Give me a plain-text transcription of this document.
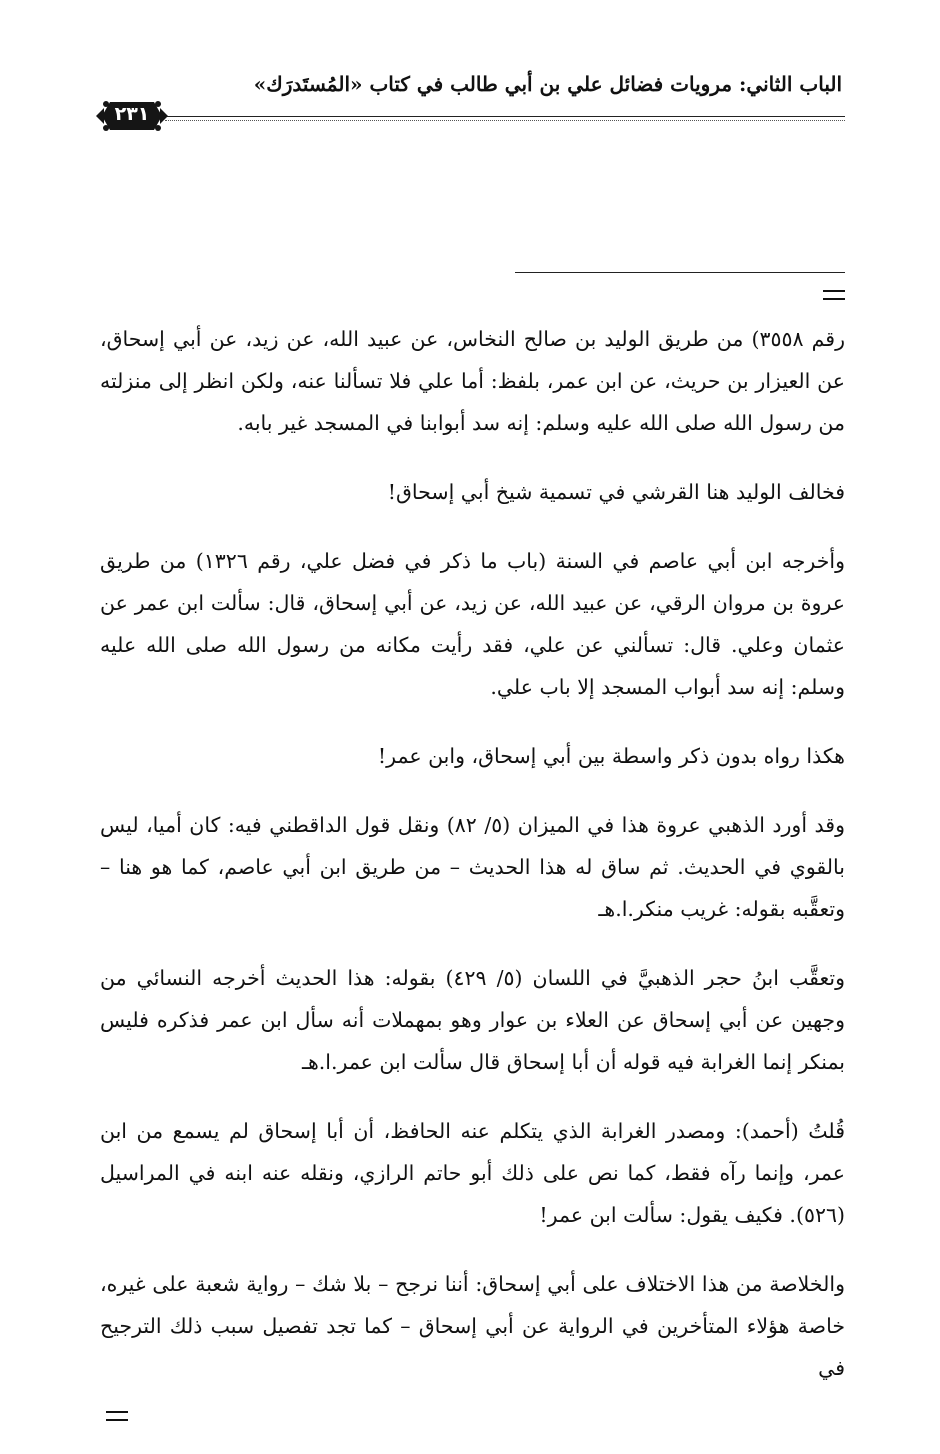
الباب الثاني: مرويات فضائل علي بن أبي طالب في كتاب «المُستَدرَك»
٢٣١

رقم ٣٥٥٨) من طريق الوليد بن صالح النخاس، عن عبيد الله، عن زيد، عن أبي إسحاق، عن العيزار بن حريث، عن ابن عمر، بلفظ: أما علي فلا تسألنا عنه، ولكن انظر إلى منزلته من رسول الله صلى الله عليه وسلم: إنه سد أبوابنا في المسجد غير بابه.

فخالف الوليد هنا القرشي في تسمية شيخ أبي إسحاق!

وأخرجه ابن أبي عاصم في السنة (باب ما ذكر في فضل علي، رقم ١٣٢٦) من طريق عروة بن مروان الرقي، عن عبيد الله، عن زيد، عن أبي إسحاق، قال: سألت ابن عمر عن عثمان وعلي. قال: تسألني عن علي، فقد رأيت مكانه من رسول الله صلى الله عليه وسلم: إنه سد أبواب المسجد إلا باب علي.

هكذا رواه بدون ذكر واسطة بين أبي إسحاق، وابن عمر!

وقد أورد الذهبي عروة هذا في الميزان (٥/ ٨٢) ونقل قول الداقطني فيه: كان أميا، ليس بالقوي في الحديث. ثم ساق له هذا الحديث – من طريق ابن أبي عاصم، كما هو هنا – وتعقَّبه بقوله: غريب منكر.ا.هـ

وتعقَّب ابنُ حجر الذهبيَّ في اللسان (٥/ ٤٢٩) بقوله: هذا الحديث أخرجه النسائي من وجهين عن أبي إسحاق عن العلاء بن عوار وهو بمهملات أنه سأل ابن عمر فذكره فليس بمنكر إنما الغرابة فيه قوله أن أبا إسحاق قال سألت ابن عمر.ا.هـ

قُلتُ (أحمد): ومصدر الغرابة الذي يتكلم عنه الحافظ، أن أبا إسحاق لم يسمع من ابن عمر، وإنما رآه فقط، كما نص على ذلك أبو حاتم الرازي، ونقله عنه ابنه في المراسيل (٥٢٦). فكيف يقول: سألت ابن عمر!

والخلاصة من هذا الاختلاف على أبي إسحاق: أننا نرجح – بلا شك – رواية شعبة على غيره، خاصة هؤلاء المتأخرين في الرواية عن أبي إسحاق – كما تجد تفصيل سبب ذلك الترجيح في
